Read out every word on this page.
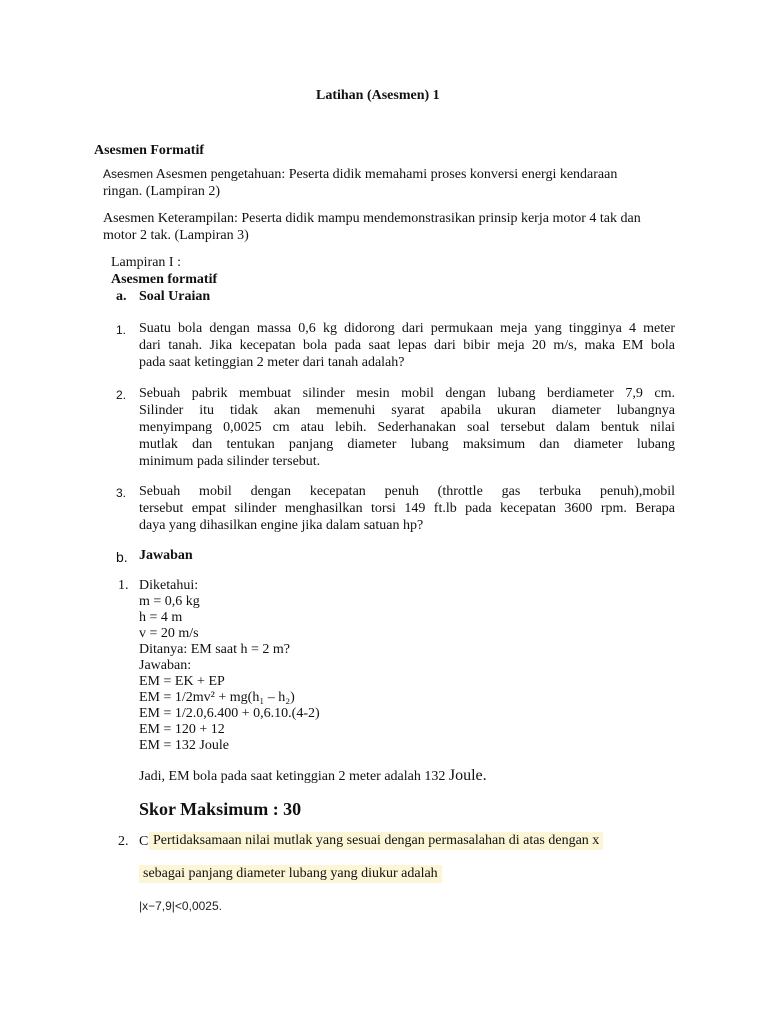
Latihan (Asesmen) 1
Asesmen Formatif
Asesmen Asesmen pengetahuan: Peserta didik memahami proses konversi energi kendaraan
ringan. (Lampiran 2)
Asesmen Keterampilan: Peserta didik mampu mendemonstrasikan prinsip kerja motor 4 tak dan
motor 2 tak. (Lampiran 3)
Lampiran I :
Asesmen formatif
a. Soal Uraian
1. Suatu bola dengan massa 0,6 kg didorong dari permukaan meja yang tingginya 4 meter
dari tanah. Jika kecepatan bola pada saat lepas dari bibir meja 20 m/s, maka EM bola
pada saat ketinggian 2 meter dari tanah adalah?
2. Sebuah pabrik membuat silinder mesin mobil dengan lubang berdiameter 7,9 cm.
Silinder itu tidak akan memenuhi syarat apabila ukuran diameter lubangnya
menyimpang 0,0025 cm atau lebih. Sederhanakan soal tersebut dalam bentuk nilai
mutlak dan tentukan panjang diameter lubang maksimum dan diameter lubang
minimum pada silinder tersebut.
3. Sebuah mobil dengan kecepatan penuh (throttle gas terbuka penuh),mobil
tersebut empat silinder menghasilkan torsi 149 ft.lb pada kecepatan 3600 rpm. Berapa
daya yang dihasilkan engine jika dalam satuan hp?
b. Jawaban
1. Diketahui:
m = 0,6 kg
h = 4 m
v = 20 m/s
Ditanya: EM saat h = 2 m?
Jawaban:
EM = EK + EP
EM = 1/2mv² + mg(h₁ – h₂)
EM = 1/2.0,6.400 + 0,6.10.(4-2)
EM = 120 + 12
EM = 132 Joule
Jadi, EM bola pada saat ketinggian 2 meter adalah 132 Joule.
Skor Maksimum : 30
2. C Pertidaksamaan nilai mutlak yang sesuai dengan permasalahan di atas dengan x
sebagai panjang diameter lubang yang diukur adalah
|x−7,9|<0,0025.
